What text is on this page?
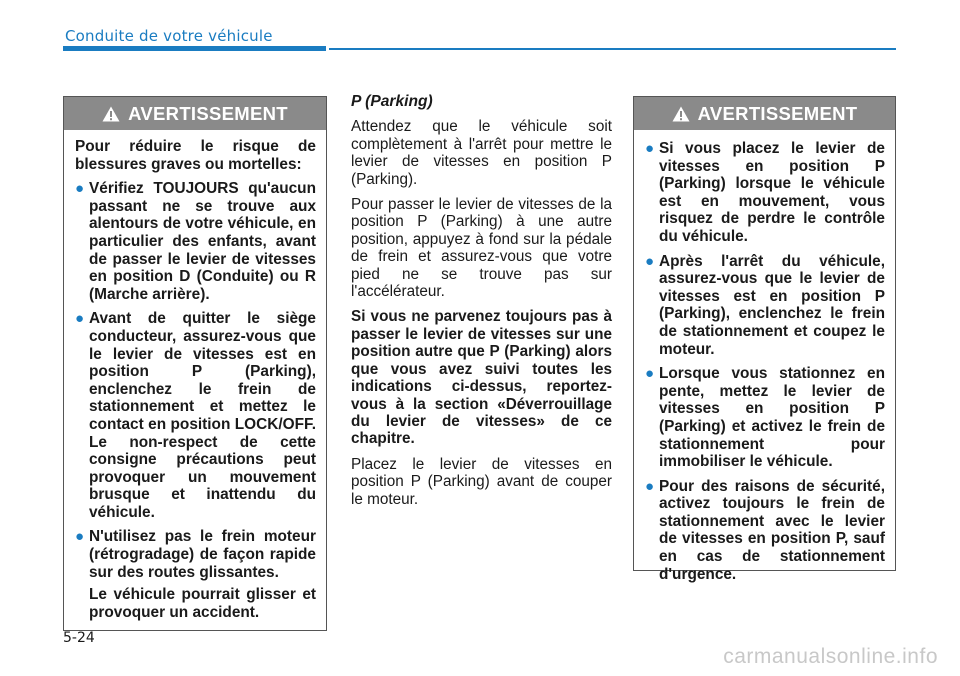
Conduite de votre véhicule
AVERTISSEMENT

Pour réduire le risque de blessures graves ou mortelles:

● Vérifiez TOUJOURS qu'aucun passant ne se trouve aux alentours de votre véhicule, en particulier des enfants, avant de passer le levier de vitesses en position D (Conduite) ou R (Marche arrière).
● Avant de quitter le siège conducteur, assurez-vous que le levier de vitesses est en position P (Parking), enclenchez le frein de stationnement et mettez le contact en position LOCK/OFF. Le non-respect de cette consigne précautions peut provoquer un mouvement brusque et inattendu du véhicule.
● N'utilisez pas le frein moteur (rétrogradage) de façon rapide sur des routes glissantes.

Le véhicule pourrait glisser et provoquer un accident.

P (Parking)

Attendez que le véhicule soit complètement à l'arrêt pour mettre le levier de vitesses en position P (Parking).

Pour passer le levier de vitesses de la position P (Parking) à une autre position, appuyez à fond sur la pédale de frein et assurez-vous que votre pied ne se trouve pas sur l'accélérateur.

Si vous ne parvenez toujours pas à passer le levier de vitesses sur une position autre que P (Parking) alors que vous avez suivi toutes les indications ci-dessus, reportez-vous à la section «Déverrouillage du levier de vitesses» de ce chapitre.

Placez le levier de vitesses en position P (Parking) avant de couper le moteur.

AVERTISSEMENT
● Si vous placez le levier de vitesses en position P (Parking) lorsque le véhicule est en mouvement, vous risquez de perdre le contrôle du véhicule.
● Après l'arrêt du véhicule, assurez-vous que le levier de vitesses est en position P (Parking), enclenchez le frein de stationnement et coupez le moteur.
● Lorsque vous stationnez en pente, mettez le levier de vitesses en position P (Parking) et activez le frein de stationnement pour immobiliser le véhicule.
● Pour des raisons de sécurité, activez toujours le frein de stationnement avec le levier de vitesses en position P, sauf en cas de stationnement d'urgence.
5-24
carmanualsonline.info
